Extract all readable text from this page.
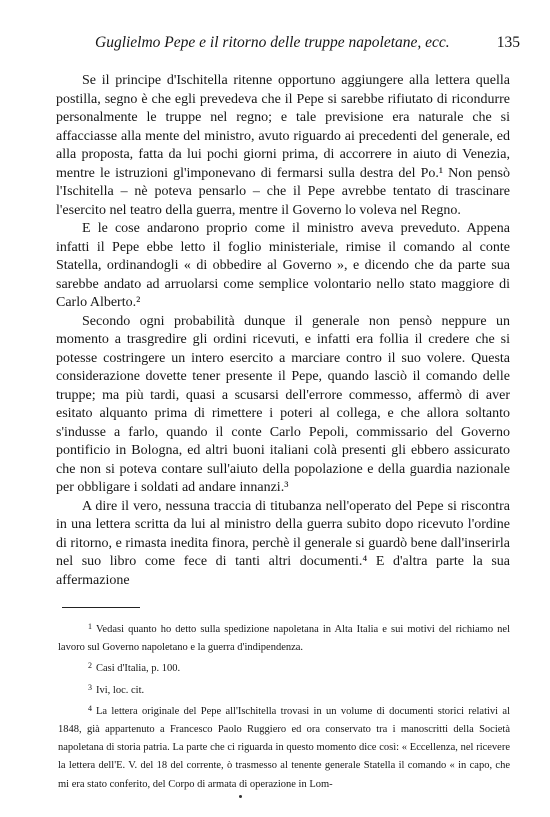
Guglielmo Pepe e il ritorno delle truppe napoletane, ecc.	135

Se il principe d'Ischitella ritenne opportuno aggiungere alla lettera quella postilla, segno è che egli prevedeva che il Pepe si sarebbe rifiutato di ricondurre personalmente le truppe nel regno; e tale previsione era naturale che si affacciasse alla mente del ministro, avuto riguardo ai precedenti del generale, ed alla proposta, fatta da lui pochi giorni prima, di accorrere in aiuto di Venezia, mentre le istruzioni gl'imponevano di fermarsi sulla destra del Po.¹ Non pensò l'Ischitella – nè poteva pensarlo – che il Pepe avrebbe tentato di trascinare l'esercito nel teatro della guerra, mentre il Governo lo voleva nel Regno.

E le cose andarono proprio come il ministro aveva preveduto. Appena infatti il Pepe ebbe letto il foglio ministeriale, rimise il comando al conte Statella, ordinandogli « di obbedire al Governo », e dicendo che da parte sua sarebbe andato ad arruolarsi come semplice volontario nello stato maggiore di Carlo Alberto.²

Secondo ogni probabilità dunque il generale non pensò neppure un momento a trasgredire gli ordini ricevuti, e infatti era follia il credere che si potesse costringere un intero esercito a marciare contro il suo volere. Questa considerazione dovette tener presente il Pepe, quando lasciò il comando delle truppe; ma più tardi, quasi a scusarsi dell'errore commesso, affermò di aver esitato alquanto prima di rimettere i poteri al collega, e che allora soltanto s'indusse a farlo, quando il conte Carlo Pepoli, commissario del Governo pontificio in Bologna, ed altri buoni italiani colà presenti gli ebbero assicurato che non si poteva contare sull'aiuto della popolazione e della guardia nazionale per obbligare i soldati ad andare innanzi.³

A dire il vero, nessuna traccia di titubanza nell'operato del Pepe si riscontra in una lettera scritta da lui al ministro della guerra subito dopo ricevuto l'ordine di ritorno, e rimasta inedita finora, perchè il generale si guardò bene dall'inserirla nel suo libro come fece di tanti altri documenti.⁴ E d'altra parte la sua affermazione

$^1$ Vedasi quanto ho detto sulla spedizione napoletana in Alta Italia e sui motivi del richiamo nel lavoro sul Governo napoletano e la guerra d'indipendenza.

$^2$ Casi d'Italia, p. 100.

$^3$ Ivi, loc. cit.

$^4$ La lettera originale del Pepe all'Ischitella trovasi in un volume di documenti storici relativi al 1848, già appartenuto a Francesco Paolo Ruggiero ed ora conservato tra i manoscritti della Società napoletana di storia patria. La parte che ci riguarda in questo momento dice così: « Eccellenza, nel ricevere la lettera dell'E. V. del 18 del corrente, ò trasmesso al tenente generale Statella il comando « in capo, che mi era stato conferito, del Corpo di armata di operazione in Lom-
